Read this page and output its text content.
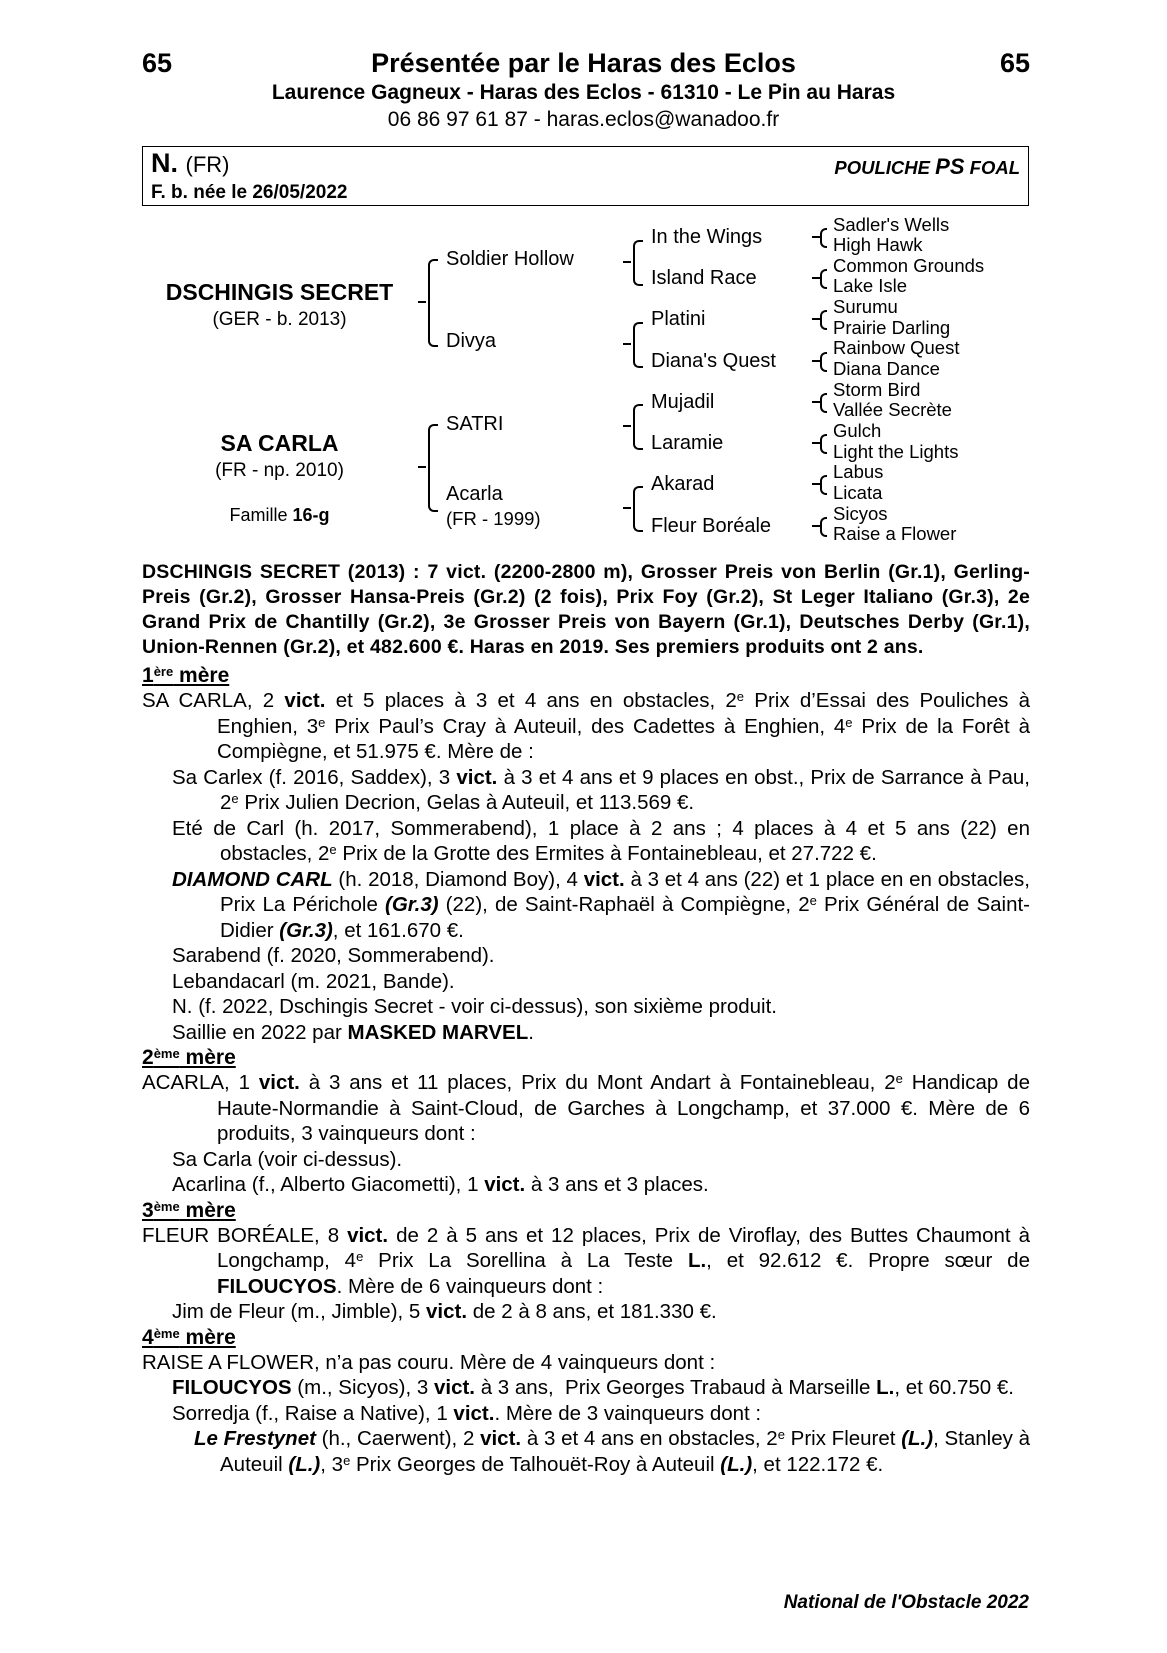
65	Présentée par le Haras des Eclos	65
Laurence Gagneux - Haras des Eclos - 61310 - Le Pin au Haras
06 86 97 61 87 - haras.eclos@wanadoo.fr
N. (FR)	POULICHE PS FOAL
F. b. née le 26/05/2022
DSCHINGIS SECRET
(GER - b. 2013)
SA CARLA
(FR - np. 2010)
Famille 16-g
Soldier Hollow
Divya
SATRI
Acarla
(FR - 1999)
In the Wings
Island Race
Platini
Diana's Quest
Mujadil
Laramie
Akarad
Fleur Boréale
Sadler's Wells
High Hawk
Common Grounds
Lake Isle
Surumu
Prairie Darling
Rainbow Quest
Diana Dance
Storm Bird
Vallée Secrète
Gulch
Light the Lights
Labus
Licata
Sicyos
Raise a Flower

DSCHINGIS SECRET (2013) : 7 vict. (2200-2800 m), Grosser Preis von Berlin (Gr.1), Gerling-Preis (Gr.2), Grosser Hansa-Preis (Gr.2) (2 fois), Prix Foy (Gr.2), St Leger Italiano (Gr.3), 2e Grand Prix de Chantilly (Gr.2), 3e Grosser Preis von Bayern (Gr.1), Deutsches Derby (Gr.1), Union-Rennen (Gr.2), et 482.600 €. Haras en 2019. Ses premiers produits ont 2 ans.

1ère mère

SA CARLA, 2 vict. et 5 places à 3 et 4 ans en obstacles, 2e Prix d’Essai des Pouliches à Enghien, 3e Prix Paul’s Cray à Auteuil, des Cadettes à Enghien, 4e Prix de la Forêt à Compiègne, et 51.975 €. Mère de :

Sa Carlex (f. 2016, Saddex), 3 vict. à 3 et 4 ans et 9 places en obst., Prix de Sarrance à Pau, 2e Prix Julien Decrion, Gelas à Auteuil, et 113.569 €.

Eté de Carl (h. 2017, Sommerabend), 1 place à 2 ans ; 4 places à 4 et 5 ans (22) en obstacles, 2e Prix de la Grotte des Ermites à Fontainebleau, et 27.722 €.

DIAMOND CARL (h. 2018, Diamond Boy), 4 vict. à 3 et 4 ans (22) et 1 place en en obstacles, Prix La Périchole (Gr.3) (22), de Saint-Raphaël à Compiègne, 2e Prix Général de Saint-Didier (Gr.3), et 161.670 €.

Sarabend (f. 2020, Sommerabend).

Lebandacarl (m. 2021, Bande).

N. (f. 2022, Dschingis Secret - voir ci-dessus), son sixième produit.

Saillie en 2022 par MASKED MARVEL.

2ème mère

ACARLA, 1 vict. à 3 ans et 11 places, Prix du Mont Andart à Fontainebleau, 2e Handicap de Haute-Normandie à Saint-Cloud, de Garches à Longchamp, et 37.000 €. Mère de 6 produits, 3 vainqueurs dont :

Sa Carla (voir ci-dessus).

Acarlina (f., Alberto Giacometti), 1 vict. à 3 ans et 3 places.

3ème mère

FLEUR BORÉALE, 8 vict. de 2 à 5 ans et 12 places, Prix de Viroflay, des Buttes Chaumont à Longchamp, 4e Prix La Sorellina à La Teste L., et 92.612 €. Propre sœur de FILOUCYOS. Mère de 6 vainqueurs dont :

Jim de Fleur (m., Jimble), 5 vict. de 2 à 8 ans, et 181.330 €.

4ème mère

RAISE A FLOWER, n’a pas couru. Mère de 4 vainqueurs dont :

FILOUCYOS (m., Sicyos), 3 vict. à 3 ans,  Prix Georges Trabaud à Marseille L., et 60.750 €.

Sorredja (f., Raise a Native), 1 vict.. Mère de 3 vainqueurs dont :

Le Frestynet (h., Caerwent), 2 vict. à 3 et 4 ans en obstacles, 2e Prix Fleuret (L.), Stanley à Auteuil (L.), 3e Prix Georges de Talhouët-Roy à Auteuil (L.), et 122.172 €.

National de l'Obstacle 2022
